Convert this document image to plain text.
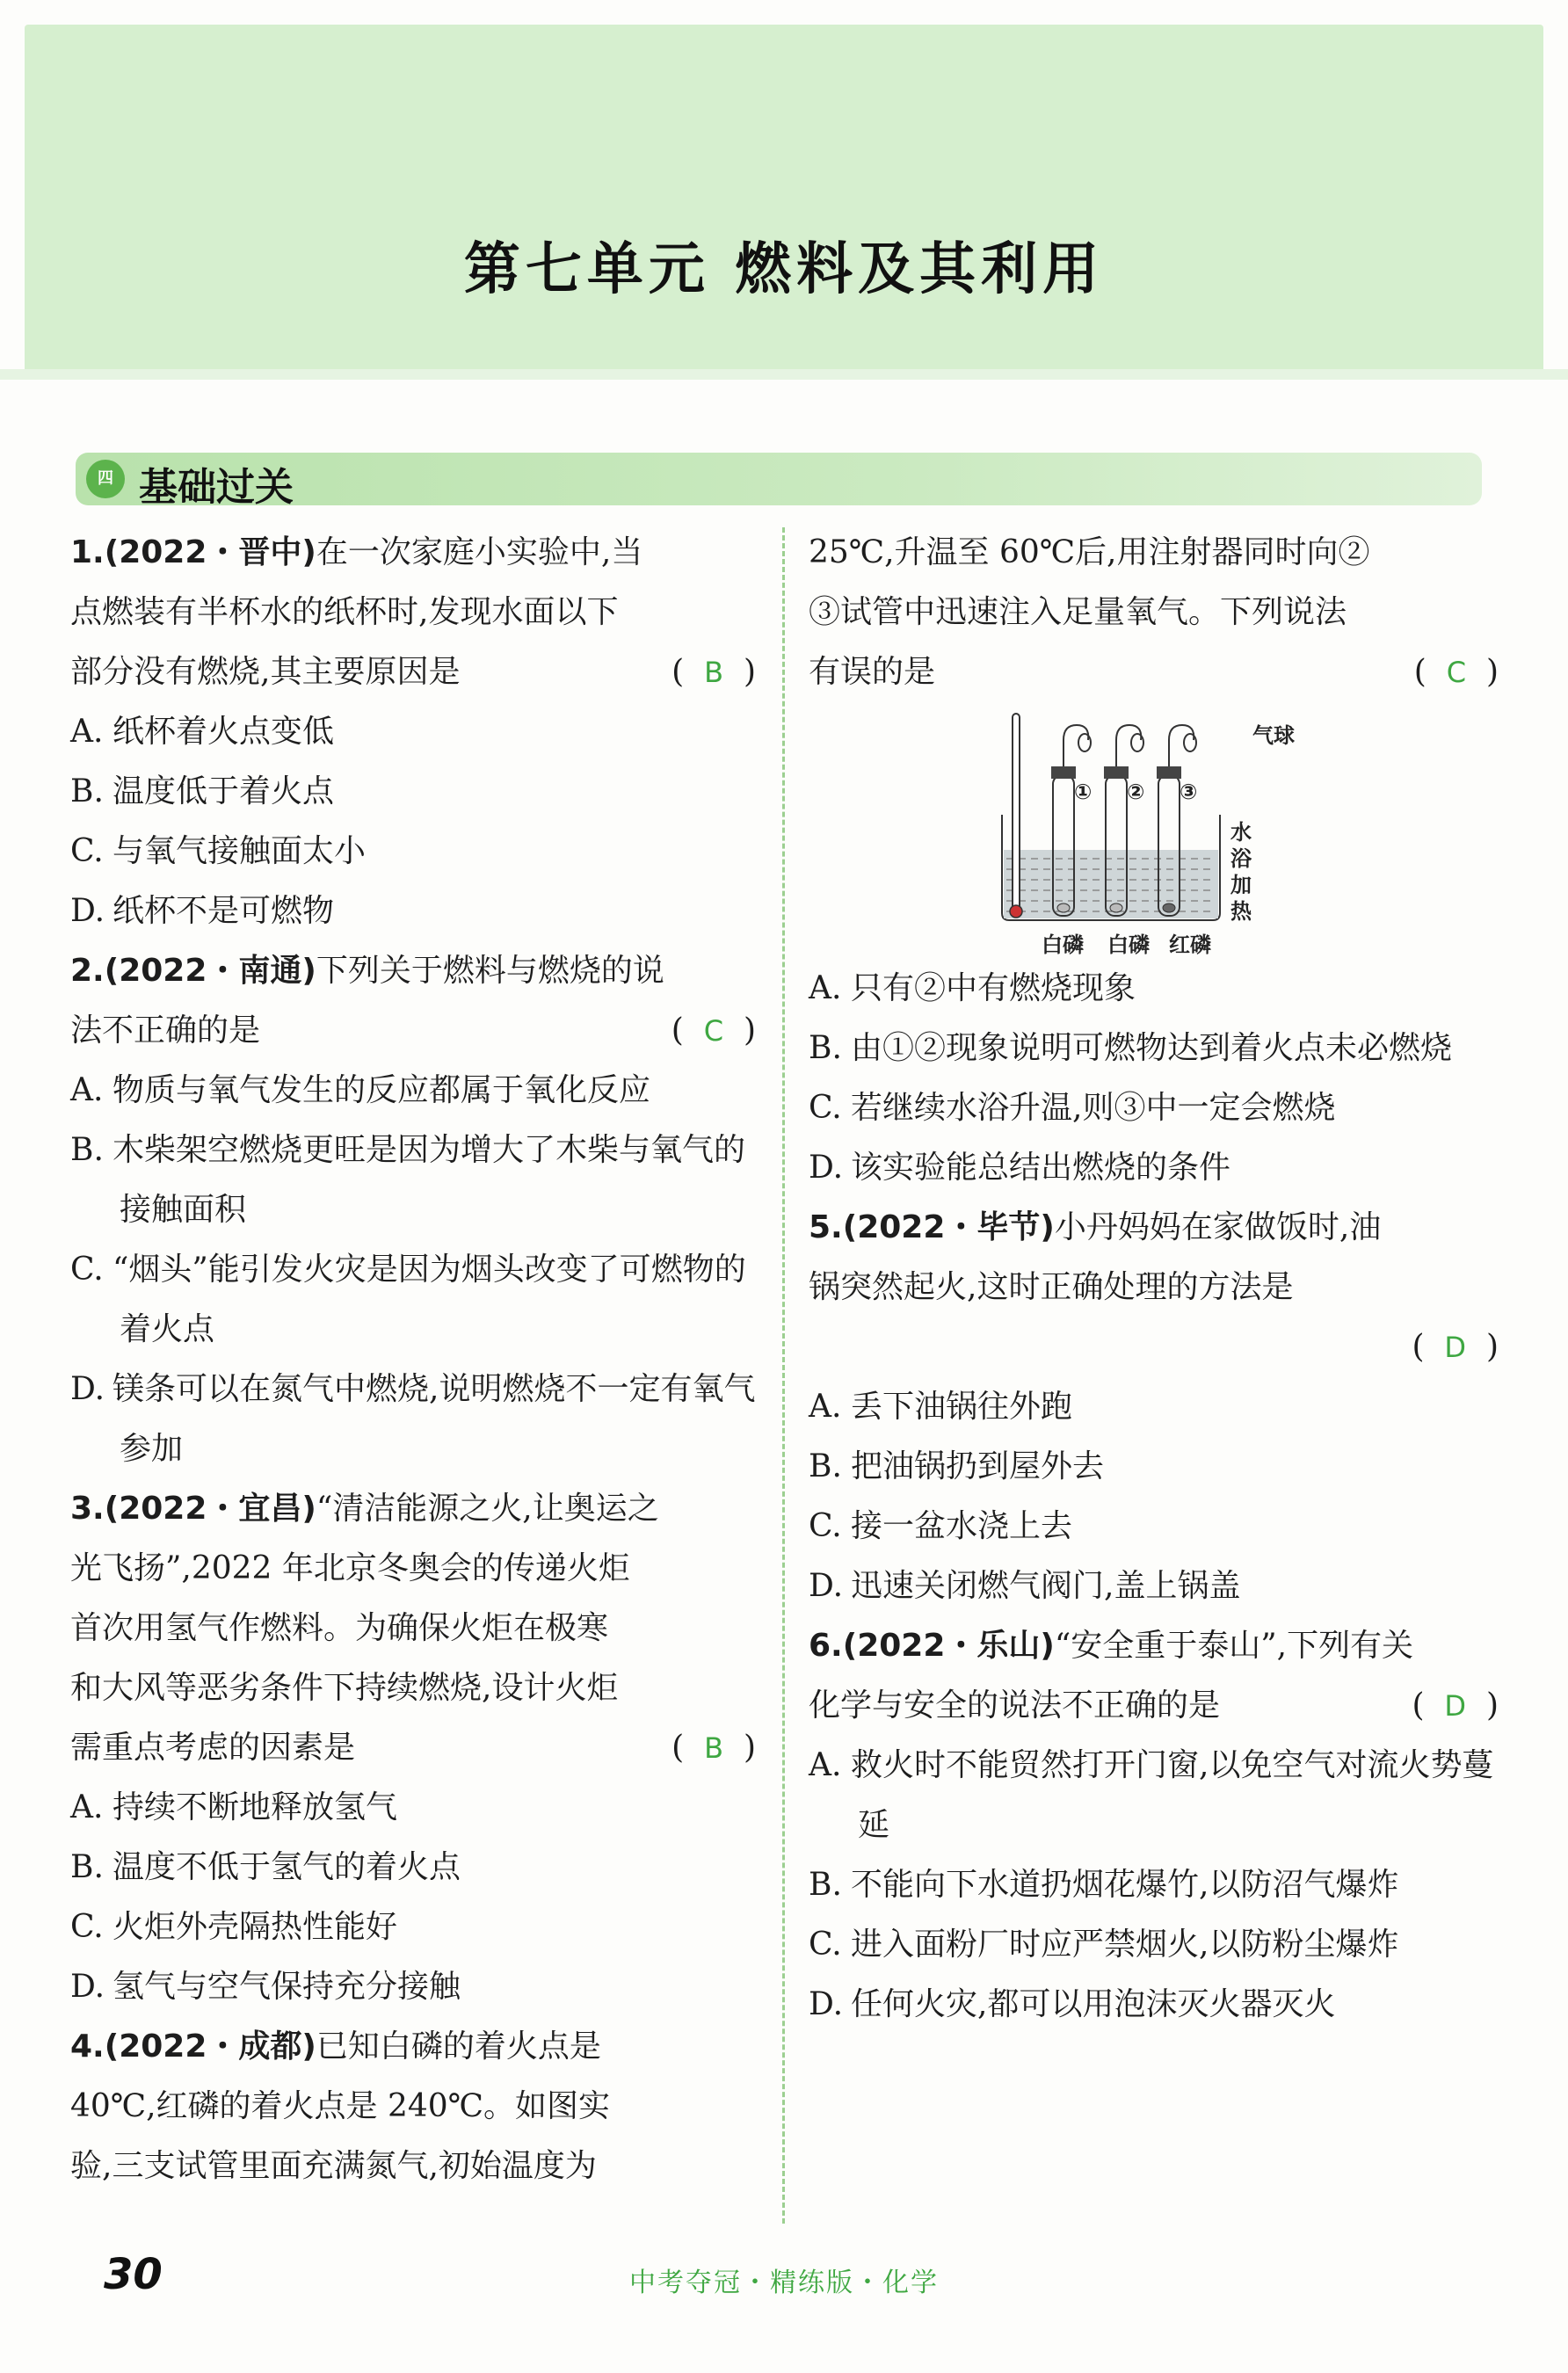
第七单元 燃料及其利用
四 基础过关
1.(2022・晋中)在一次家庭小实验中,当
点燃装有半杯水的纸杯时,发现水面以下
部分没有燃烧,其主要原因是	(  B  )
A. 纸杯着火点变低
B. 温度低于着火点
C. 与氧气接触面太小
D. 纸杯不是可燃物
2.(2022・南通)下列关于燃料与燃烧的说
法不正确的是	(  C  )
A. 物质与氧气发生的反应都属于氧化反应
B. 木柴架空燃烧更旺是因为增大了木柴与氧气的接触面积
C. “烟头”能引发火灾是因为烟头改变了可燃物的着火点
D. 镁条可以在氮气中燃烧,说明燃烧不一定有氧气参加
3.(2022・宜昌)“清洁能源之火,让奥运之
光飞扬”,2022 年北京冬奥会的传递火炬
首次用氢气作燃料。为确保火炬在极寒
和大风等恶劣条件下持续燃烧,设计火炬
需重点考虑的因素是	(  B  )
A. 持续不断地释放氢气
B. 温度不低于氢气的着火点
C. 火炬外壳隔热性能好
D. 氢气与空气保持充分接触
4.(2022・成都)已知白磷的着火点是
40℃,红磷的着火点是 240℃。如图实
验,三支试管里面充满氮气,初始温度为
25℃,升温至 60℃后,用注射器同时向②
③试管中迅速注入足量氧气。下列说法
有误的是	(  C  )
气球
① ② ③
水
浴
加
热
白磷 白磷 红磷
A. 只有②中有燃烧现象
B. 由①②现象说明可燃物达到着火点未必燃烧
C. 若继续水浴升温,则③中一定会燃烧
D. 该实验能总结出燃烧的条件
5.(2022・毕节)小丹妈妈在家做饭时,油
锅突然起火,这时正确处理的方法是
(  D  )
A. 丢下油锅往外跑
B. 把油锅扔到屋外去
C. 接一盆水浇上去
D. 迅速关闭燃气阀门,盖上锅盖
6.(2022・乐山)“安全重于泰山”,下列有关
化学与安全的说法不正确的是	(  D  )
A. 救火时不能贸然打开门窗,以免空气对流火势蔓延
B. 不能向下水道扔烟花爆竹,以防沼气爆炸
C. 进入面粉厂时应严禁烟火,以防粉尘爆炸
D. 任何火灾,都可以用泡沫灭火器灭火
30	中考夺冠・精练版・化学
